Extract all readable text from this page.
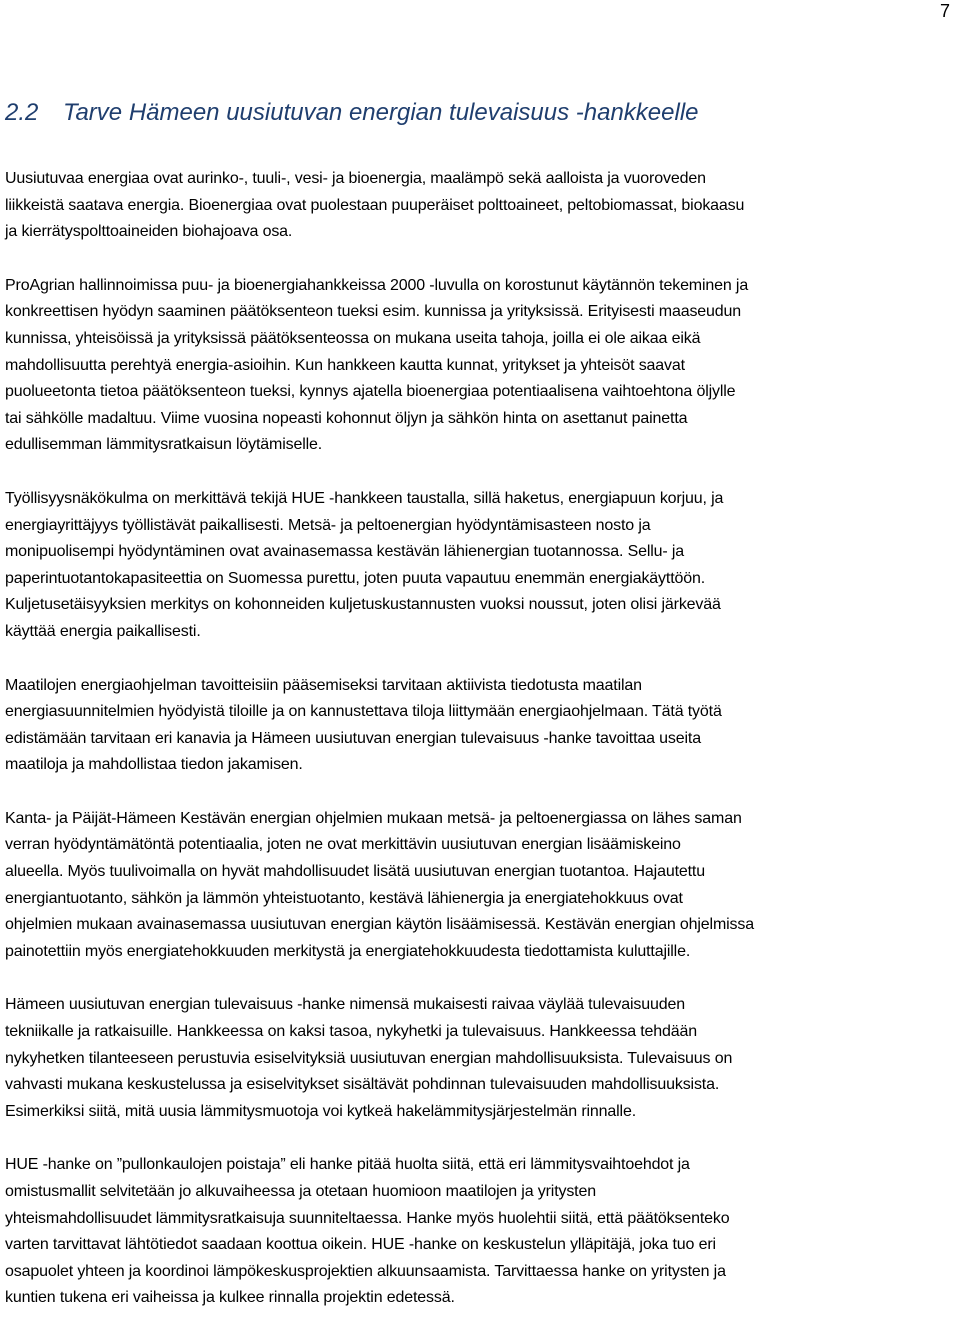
7
2.2 Tarve Hämeen uusiutuvan energian tulevaisuus -hankkeelle

Uusiutuvaa energiaa ovat aurinko-, tuuli-, vesi- ja bioenergia, maalämpö sekä aalloista ja vuoroveden
liikkeistä saatava energia. Bioenergiaa ovat puolestaan puuperäiset polttoaineet, peltobiomassat, biokaasu
ja kierrätyspolttoaineiden biohajoava osa.

ProAgrian hallinnoimissa puu- ja bioenergiahankkeissa 2000 -luvulla on korostunut käytännön tekeminen ja
konkreettisen hyödyn saaminen päätöksenteon tueksi esim. kunnissa ja yrityksissä. Erityisesti maaseudun
kunnissa, yhteisöissä ja yrityksissä päätöksenteossa on mukana useita tahoja, joilla ei ole aikaa eikä
mahdollisuutta perehtyä energia-asioihin. Kun hankkeen kautta kunnat, yritykset ja yhteisöt saavat
puolueetonta tietoa päätöksenteon tueksi, kynnys ajatella bioenergiaa potentiaalisena vaihtoehtona öljylle
tai sähkölle madaltuu. Viime vuosina nopeasti kohonnut öljyn ja sähkön hinta on asettanut painetta
edullisemman lämmitysratkaisun löytämiselle.

Työllisyysnäkökulma on merkittävä tekijä HUE -hankkeen taustalla, sillä haketus, energiapuun korjuu, ja
energiayrittäjyys työllistävät paikallisesti. Metsä- ja peltoenergian hyödyntämisasteen nosto ja
monipuolisempi hyödyntäminen ovat avainasemassa kestävän lähienergian tuotannossa. Sellu- ja
paperintuotantokapasiteettia on Suomessa purettu, joten puuta vapautuu enemmän energiakäyttöön.
Kuljetusetäisyyksien merkitys on kohonneiden kuljetuskustannusten vuoksi noussut, joten olisi järkevää
käyttää energia paikallisesti.

Maatilojen energiaohjelman tavoitteisiin pääsemiseksi tarvitaan aktiivista tiedotusta maatilan
energiasuunnitelmien hyödyistä tiloille ja on kannustettava tiloja liittymään energiaohjelmaan. Tätä työtä
edistämään tarvitaan eri kanavia ja Hämeen uusiutuvan energian tulevaisuus -hanke tavoittaa useita
maatiloja ja mahdollistaa tiedon jakamisen.

Kanta- ja Päijät-Hämeen Kestävän energian ohjelmien mukaan metsä- ja peltoenergiassa on lähes saman
verran hyödyntämätöntä potentiaalia, joten ne ovat merkittävin uusiutuvan energian lisäämiskeino
alueella. Myös tuulivoimalla on hyvät mahdollisuudet lisätä uusiutuvan energian tuotantoa. Hajautettu
energiantuotanto, sähkön ja lämmön yhteistuotanto, kestävä lähienergia ja energiatehokkuus ovat
ohjelmien mukaan avainasemassa uusiutuvan energian käytön lisäämisessä. Kestävän energian ohjelmissa
painotettiin myös energiatehokkuuden merkitystä ja energiatehokkuudesta tiedottamista kuluttajille.

Hämeen uusiutuvan energian tulevaisuus -hanke nimensä mukaisesti raivaa väylää tulevaisuuden
tekniikalle ja ratkaisuille. Hankkeessa on kaksi tasoa, nykyhetki ja tulevaisuus. Hankkeessa tehdään
nykyhetken tilanteeseen perustuvia esiselvityksiä uusiutuvan energian mahdollisuuksista. Tulevaisuus on
vahvasti mukana keskustelussa ja esiselvitykset sisältävät pohdinnan tulevaisuuden mahdollisuuksista.
Esimerkiksi siitä, mitä uusia lämmitysmuotoja voi kytkeä hakelämmitysjärjestelmän rinnalle.

HUE -hanke on ”pullonkaulojen poistaja” eli hanke pitää huolta siitä, että eri lämmitysvaihtoehdot ja
omistusmallit selvitetään jo alkuvaiheessa ja otetaan huomioon maatilojen ja yritysten
yhteismahdollisuudet lämmitysratkaisuja suunniteltaessa. Hanke myös huolehtii siitä, että päätöksenteko
varten tarvittavat lähtötiedot saadaan koottua oikein. HUE -hanke on keskustelun ylläpitäjä, joka tuo eri
osapuolet yhteen ja koordinoi lämpökeskusprojektien alkuunsaamista. Tarvittaessa hanke on yritysten ja
kuntien tukena eri vaiheissa ja kulkee rinnalla projektin edetessä.
